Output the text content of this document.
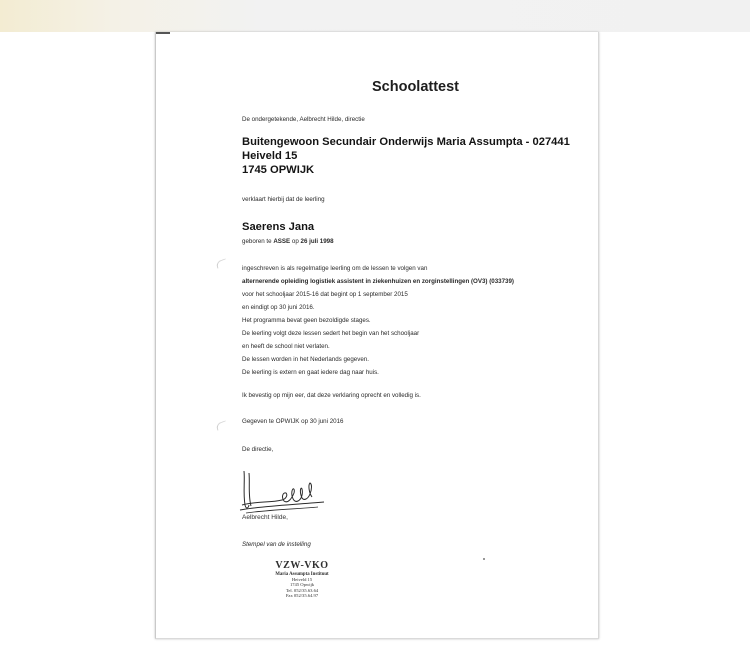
Schoolattest
De ondergetekende, Aelbrecht Hilde, directie
Buitengewoon Secundair Onderwijs Maria Assumpta - 027441
Heiveld 15
1745 OPWIJK
verklaart hierbij dat de leerling
Saerens Jana
geboren te ASSE op 26 juli 1998
ingeschreven is als regelmatige leerling om de lessen te volgen van
alternerende opleiding logistiek assistent in ziekenhuizen en zorginstellingen (OV3) (033739)
voor het schooljaar 2015-16 dat begint op 1 september 2015
en eindigt op 30 juni 2016.
Het programma bevat geen bezoldigde stages.
De leerling volgt deze lessen sedert het begin van het schooljaar
en heeft de school niet verlaten.
De lessen worden in het Nederlands gegeven.
De leerling is extern en gaat iedere dag naar huis.
Ik bevestig op mijn eer, dat deze verklaring oprecht en volledig is.
Gegeven te OPWIJK op 30 juni 2016
De directie,
Aelbrecht Hilde,
Stempel van de instelling
VZW-VKO
Maria Assumpta Instituut
Heiveld 15
1745 Opwijk
Tel. 052/35.63.64
Fax 052/35.64.97
